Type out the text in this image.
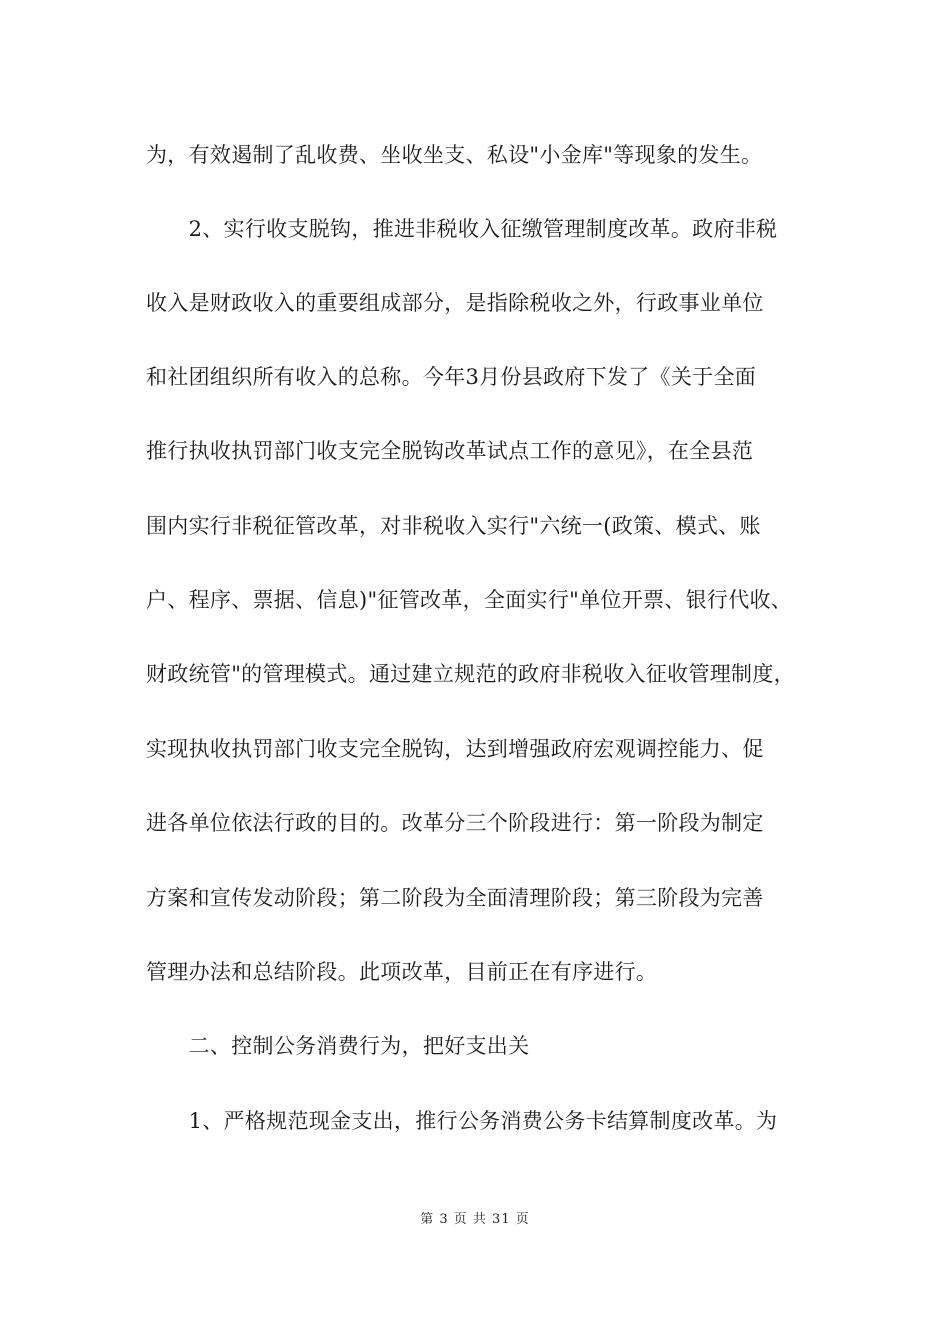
为，有效遏制了乱收费、坐收坐支、私设"小金库"等现象的发生。
　　2、实行收支脱钩，推进非税收入征缴管理制度改革。政府非税
收入是财政收入的重要组成部分，是指除税收之外，行政事业单位
和社团组织所有收入的总称。今年3月份县政府下发了《关于全面
推行执收执罚部门收支完全脱钩改革试点工作的意见》，在全县范
围内实行非税征管改革，对非税收入实行"六统一(政策、模式、账
户、程序、票据、信息)"征管改革，全面实行"单位开票、银行代收、
财政统管"的管理模式。通过建立规范的政府非税收入征收管理制度，
实现执收执罚部门收支完全脱钩，达到增强政府宏观调控能力、促
进各单位依法行政的目的。改革分三个阶段进行：第一阶段为制定
方案和宣传发动阶段；第二阶段为全面清理阶段；第三阶段为完善
管理办法和总结阶段。此项改革，目前正在有序进行。
　　二、控制公务消费行为，把好支出关
　　1、严格规范现金支出，推行公务消费公务卡结算制度改革。为
第 3 页 共 31 页
